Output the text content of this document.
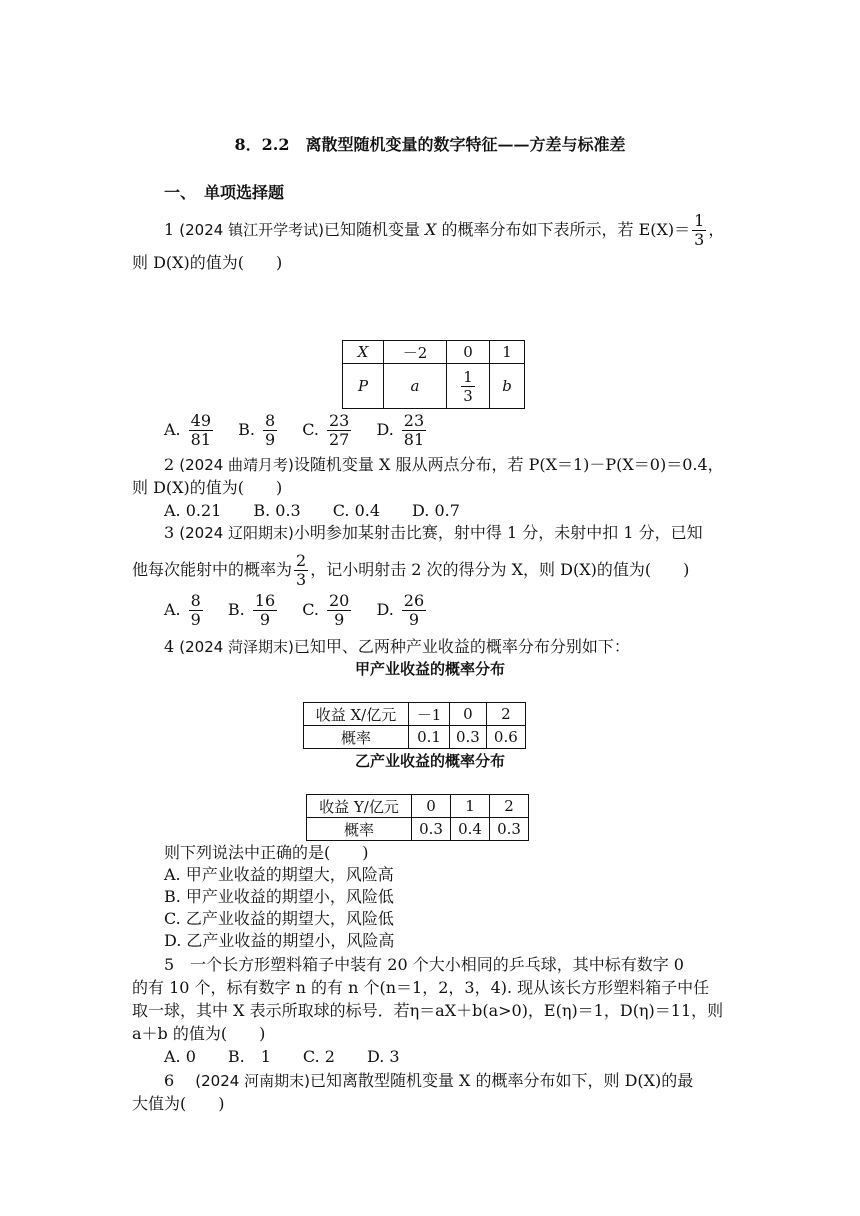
8．2.2　离散型随机变量的数字特征——方差与标准差
一、　单项选择题
1 (2024 镇江开学考试)已知随机变量 X 的概率分布如下表所示，若 $E(X)= \frac{1}{3}$ ，
则 D(X)的值为(　　)
X	－2	0	1
P	a	$\frac{1}{3}$	b
A. $\frac{49}{81} B$. $\frac{8}{9} C$. $\frac{23}{27} D$. $\frac{23}{81}$
2 (2024 曲靖月考)设随机变量 X 服从两点分布，若 P(X＝1)－P(X＝0)＝0.4，
则 D(X)的值为(　　)
A. 0.21　　B. 0.3　　C. 0.4　　D. 0.7
3 (2024 辽阳期末)小明参加某射击比赛，射中得 1 分，未射中扣 1 分，已知
他每次能射中的概率为 $\frac{2}{3}$ ，记小明射击 2 次的得分为 X，则 D(X)的值为(　　)
A. $\frac{8}{9} B$. $\frac{16}{9} C$. $\frac{20}{9} D$. $\frac{26}{9}$
4 (2024 菏泽期末)已知甲、乙两种产业收益的概率分布分别如下：
甲产业收益的概率分布
收益 X/亿元	－1	0	2
概率	0.1	0.3	0.6
乙产业收益的概率分布
收益 Y/亿元	0	1	2
概率	0.3	0.4	0.3
则下列说法中正确的是(　　)
A. 甲产业收益的期望大，风险高
B. 甲产业收益的期望小，风险低
C. 乙产业收益的期望大，风险低
D. 乙产业收益的期望小，风险高
5　一个长方形塑料箱子中装有 20 个大小相同的乒乓球，其中标有数字 0
的有 10 个，标有数字 n 的有 n 个(n＝1，2，3，4). 现从该长方形塑料箱子中任
取一球，其中 X 表示所取球的标号．若η＝aX＋b(a>0)，E(η)＝1，D(η)＝11，则
a＋b 的值为(　　)
A. 0　　B.　1　　C. 2　　D. 3
6　 (2024 河南期末)已知离散型随机变量 X 的概率分布如下，则 D(X)的最
大值为(　　)
